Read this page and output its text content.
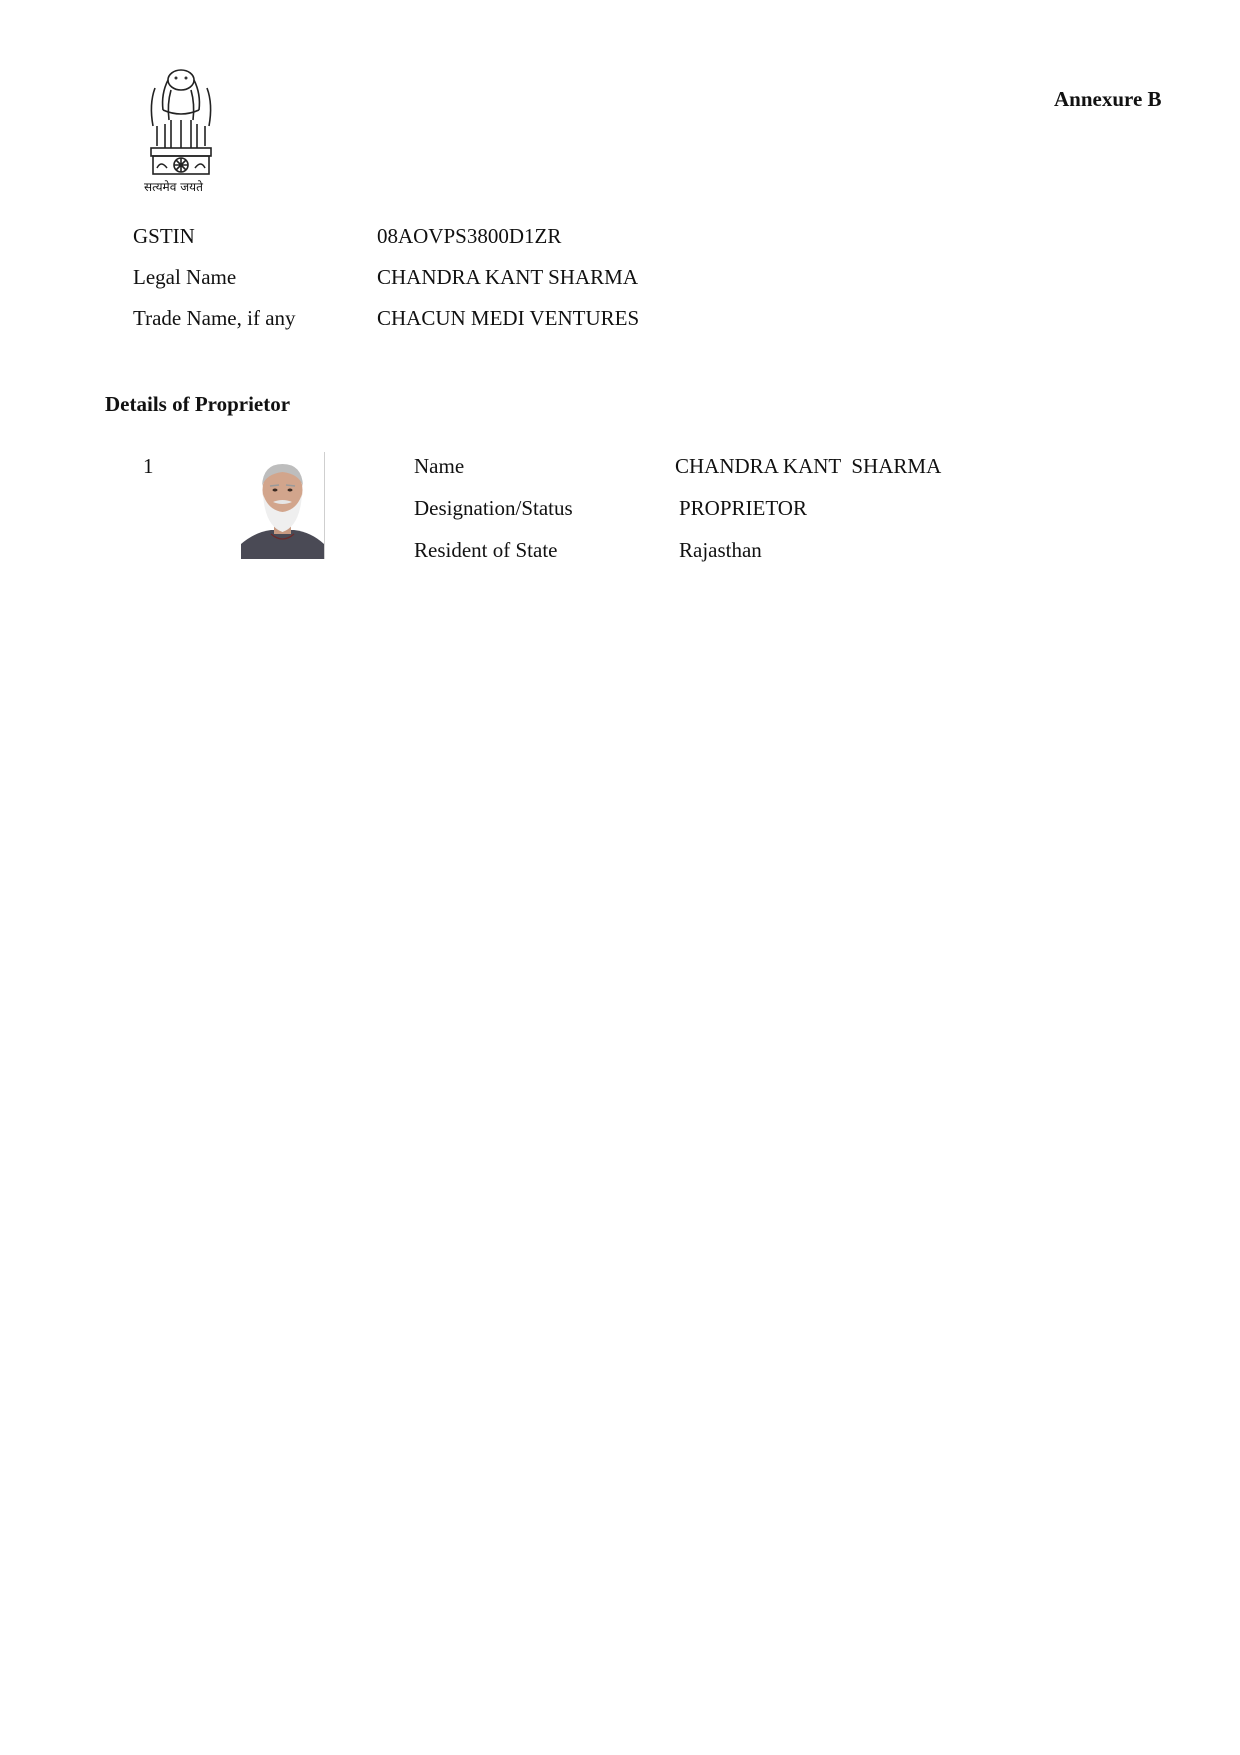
सत्यमेव जयते
Annexure B
GSTIN	08AOVPS3800D1ZR
Legal Name	CHANDRA KANT SHARMA
Trade Name, if any	CHACUN MEDI VENTURES
Details of Proprietor
1	Name	CHANDRA KANT  SHARMA
Designation/Status	PROPRIETOR
Resident of State	Rajasthan
